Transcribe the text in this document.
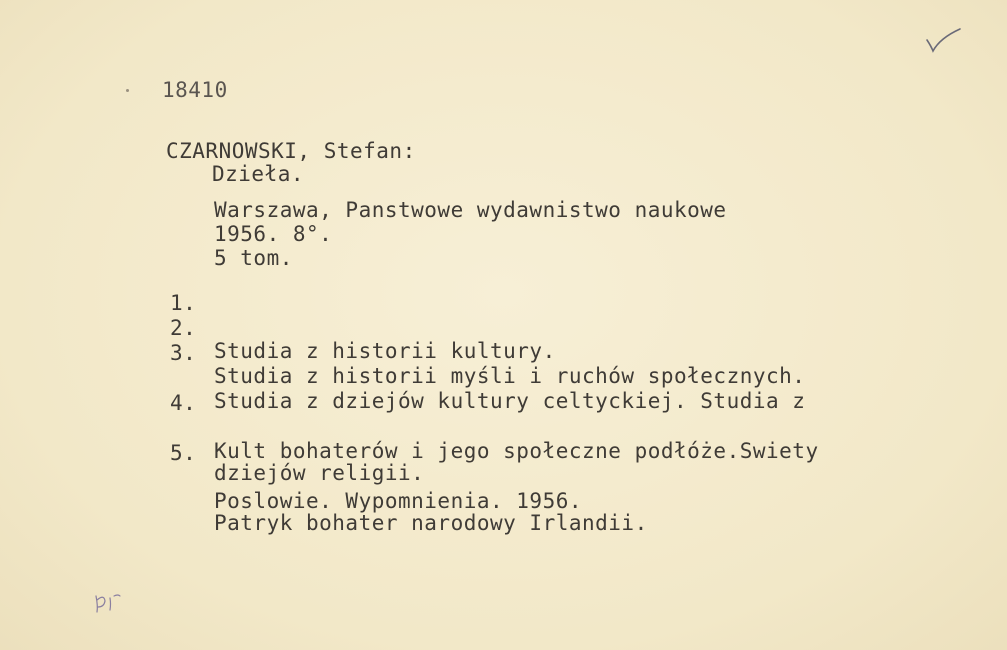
18410
CZARNOWSKI, Stefan:
Dzieła.
Warszawa, Panstwowe wydawnistwo naukowe
1956. 8°.
5 tom.
1.

Studia z historii kultury.

2.

Studia z historii myśli i ruchów społecznych.

3.

Studia z dziejów kultury celtyckiej. Studia z

dziejów religii.

4.

Kult bohaterów i jego społeczne podłóże.Swiety

Patryk bohater narodowy Irlandii.

5.

Poslowie. Wypomnienia. 1956.
